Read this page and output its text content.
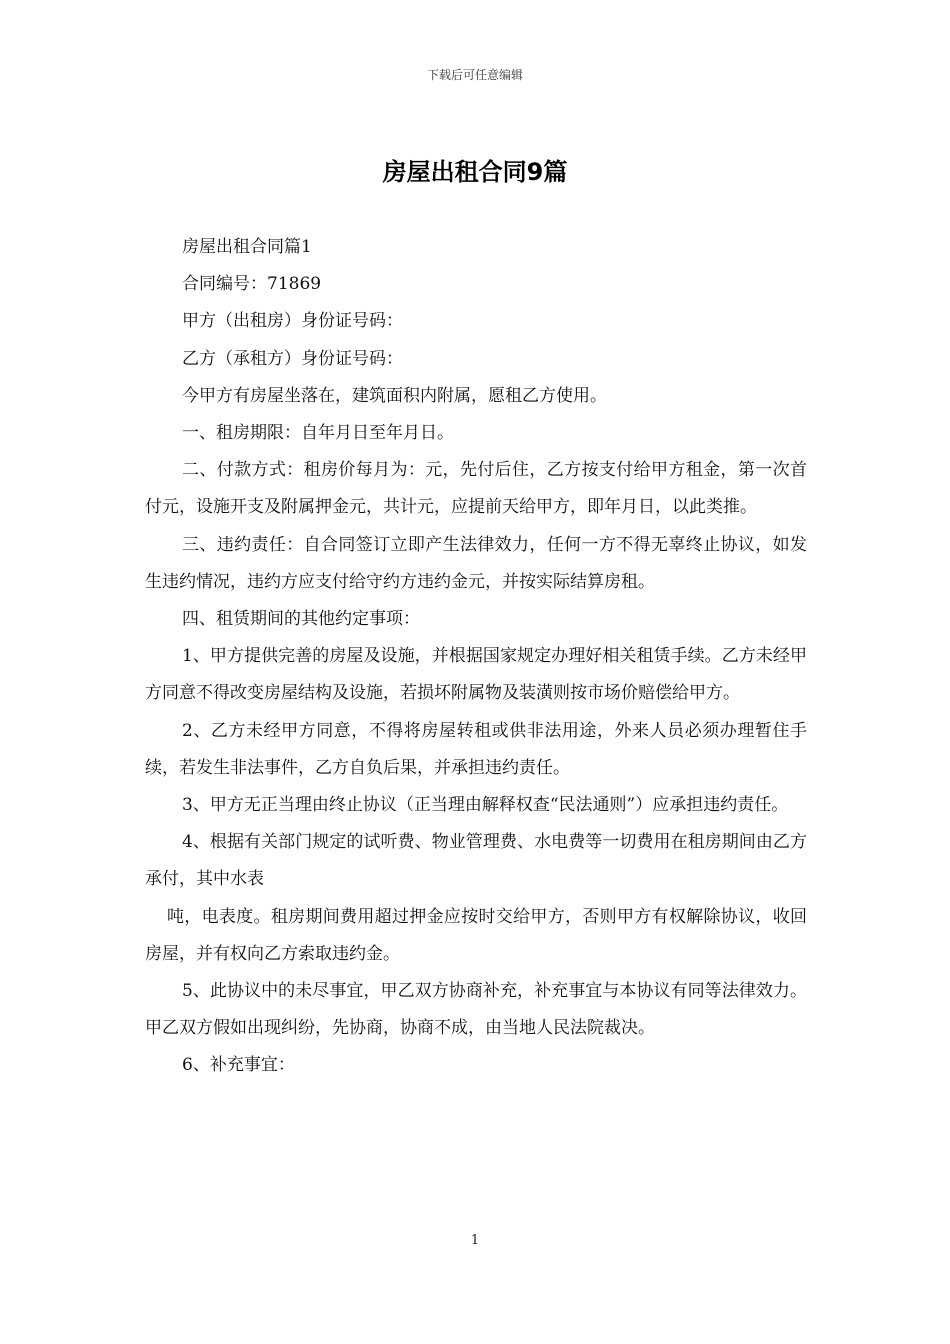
下载后可任意编辑
房屋出租合同9篇

房屋出租合同篇1

合同编号：71869

甲方（出租房）身份证号码：

乙方（承租方）身份证号码：

今甲方有房屋坐落在，建筑面积内附属，愿租乙方使用。

一、租房期限：自年月日至年月日。

二、付款方式：租房价每月为：元，先付后住，乙方按支付给甲方租金，第一次首付元，设施开支及附属押金元，共计元，应提前天给甲方，即年月日，以此类推。

三、违约责任：自合同签订立即产生法律效力，任何一方不得无辜终止协议，如发生违约情况，违约方应支付给守约方违约金元，并按实际结算房租。

四、租赁期间的其他约定事项：

1、甲方提供完善的房屋及设施，并根据国家规定办理好相关租赁手续。乙方未经甲方同意不得改变房屋结构及设施，若损坏附属物及装潢则按市场价赔偿给甲方。

2、乙方未经甲方同意，不得将房屋转租或供非法用途，外来人员必须办理暂住手续，若发生非法事件，乙方自负后果，并承担违约责任。

3、甲方无正当理由终止协议（正当理由解释权查“民法通则”）应承担违约责任。

4、根据有关部门规定的试听费、物业管理费、水电费等一切费用在租房期间由乙方承付，其中水表

吨，电表度。租房期间费用超过押金应按时交给甲方，否则甲方有权解除协议，收回房屋，并有权向乙方索取违约金。

5、此协议中的未尽事宜，甲乙双方协商补充，补充事宜与本协议有同等法律效力。甲乙双方假如出现纠纷，先协商，协商不成，由当地人民法院裁决。

6、补充事宜：

1
